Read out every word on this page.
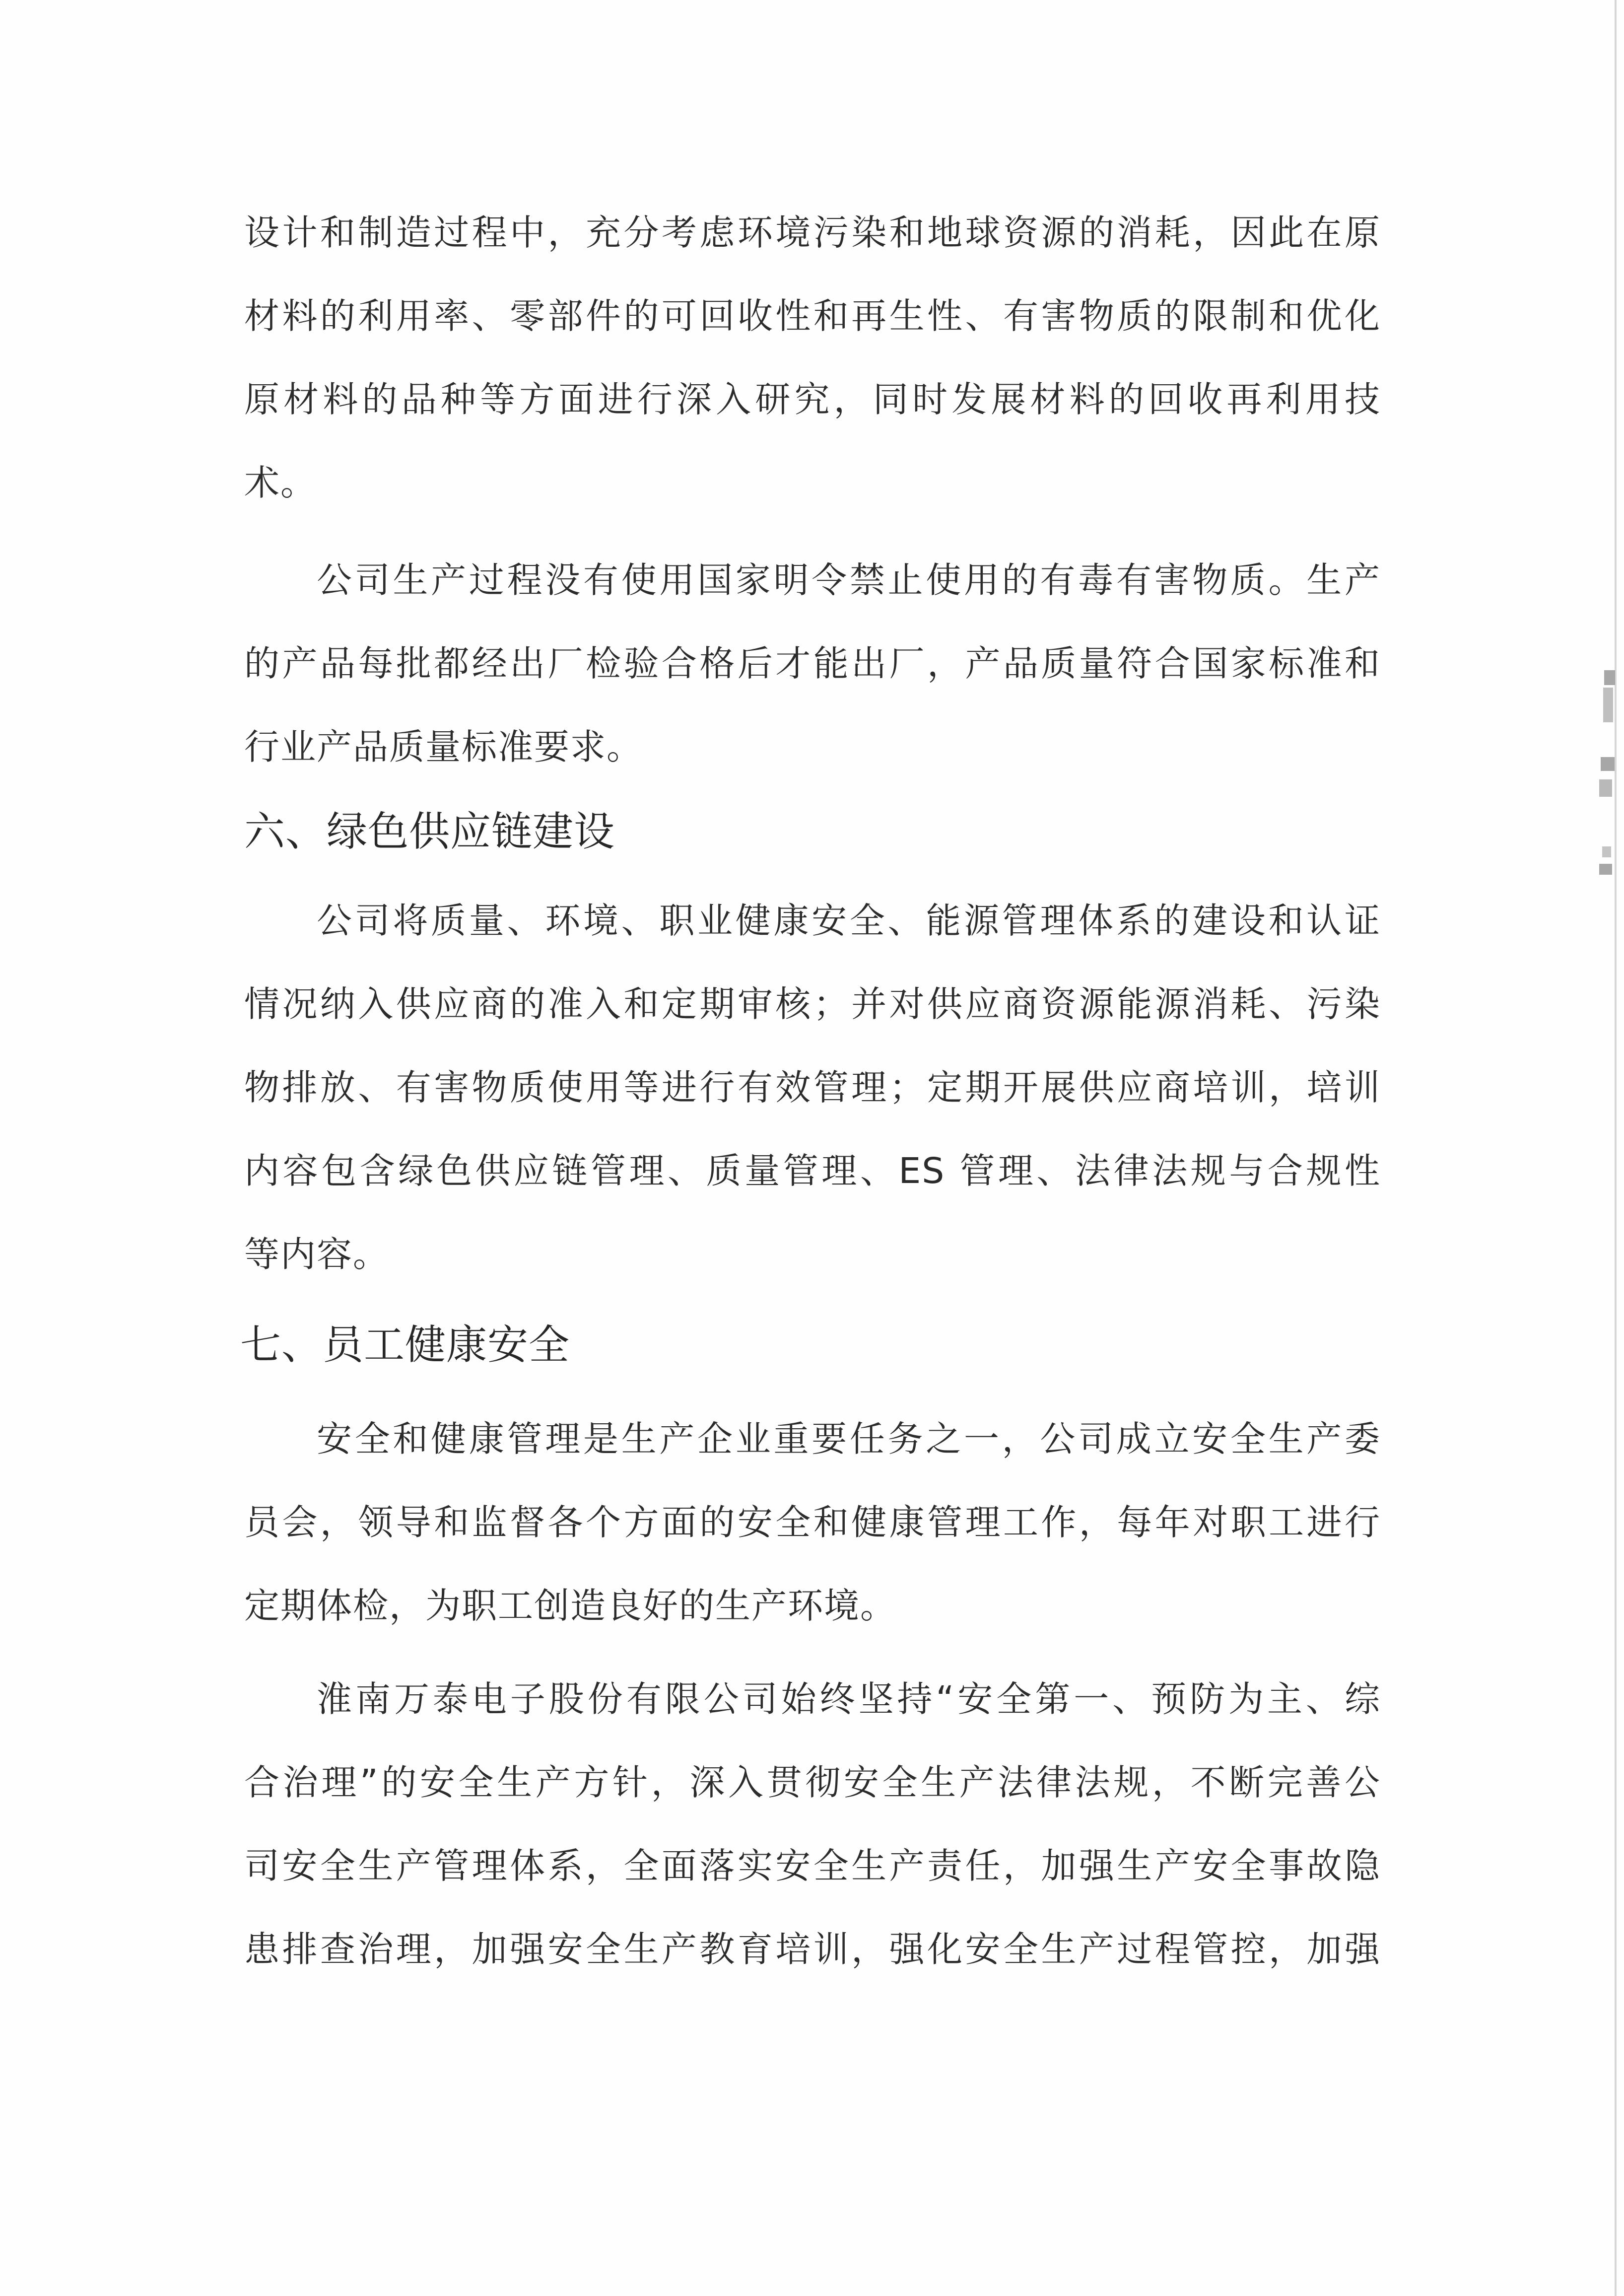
设计和制造过程中，充分考虑环境污染和地球资源的消耗，因此在原
材料的利用率、零部件的可回收性和再生性、有害物质的限制和优化
原材料的品种等方面进行深入研究，同时发展材料的回收再利用技
术。
公司生产过程没有使用国家明令禁止使用的有毒有害物质。生产
的产品每批都经出厂检验合格后才能出厂，产品质量符合国家标准和
行业产品质量标准要求。
六、绿色供应链建设
公司将质量、环境、职业健康安全、能源管理体系的建设和认证
情况纳入供应商的准入和定期审核；并对供应商资源能源消耗、污染
物排放、有害物质使用等进行有效管理；定期开展供应商培训，培训
内容包含绿色供应链管理、质量管理、ES 管理、法律法规与合规性
等内容。
七、员工健康安全
安全和健康管理是生产企业重要任务之一，公司成立安全生产委
员会，领导和监督各个方面的安全和健康管理工作，每年对职工进行
定期体检，为职工创造良好的生产环境。
淮南万泰电子股份有限公司始终坚持“安全第一、预防为主、综
合治理”的安全生产方针，深入贯彻安全生产法律法规，不断完善公
司安全生产管理体系，全面落实安全生产责任，加强生产安全事故隐
患排查治理，加强安全生产教育培训，强化安全生产过程管控，加强
